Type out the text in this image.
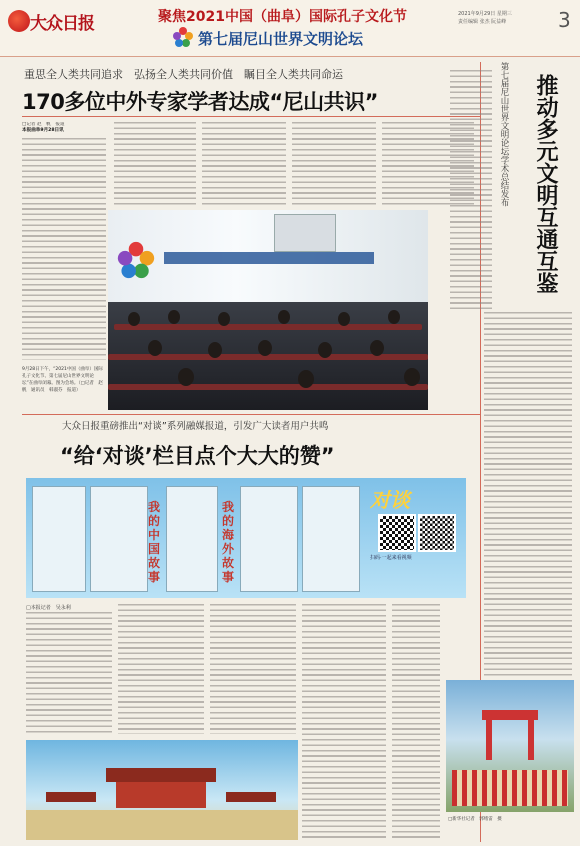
大众日报	聚焦2021中国（曲阜）国际孔子文化节
第七届尼山世界文明论坛
2021年9月29日 星期三
责任编辑 张杰 阮益峰	3
重思全人类共同追求　弘扬全人类共同价值　瞩目全人类共同命运
170多位中外专家学者达成“尼山共识”
□记者 赵　帆　报道
本报曲阜9月28日讯
9月28日下午，“2021中国（曲阜）国际孔子文化节、第七届尼山世界文明论坛”在曲阜闭幕。图为会场。（□记者　赵帆　通讯员　韩淑芬　报道）
第七届尼山世界文明论坛学术总结发布	推动多元文明互通互鉴
□新华社记者　郭绪雷　摄
大众日报重磅推出“对谈”系列融媒报道，引发广大读者用户共鸣
“给‘对谈’栏目点个大大的赞”
我的中国故事
我的海外故事
对谈
扫码·一起来看视频
□本报记者　吴永利
